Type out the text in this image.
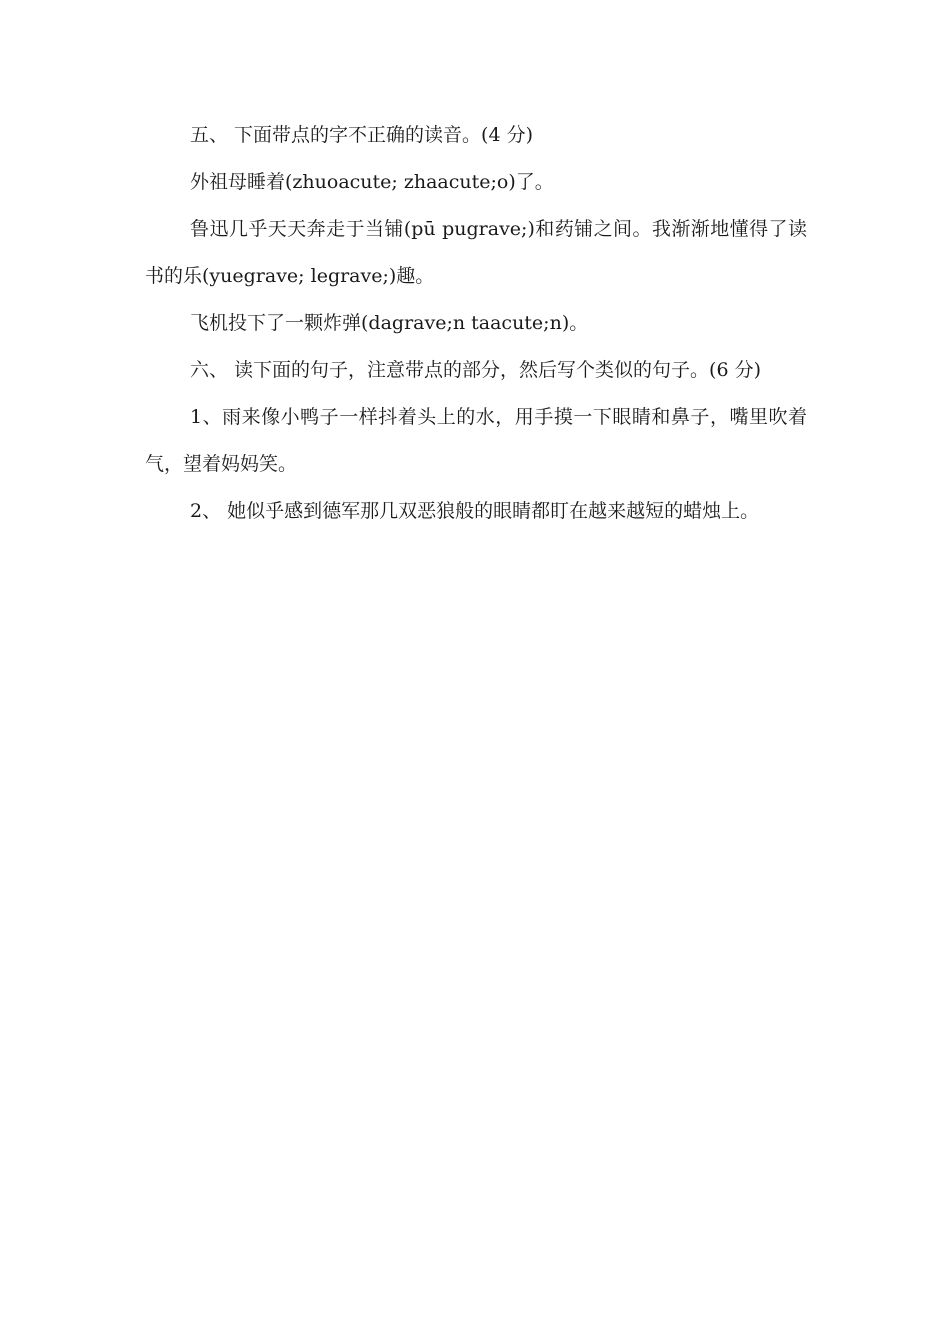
五、 下面带点的字不正确的读音。(4 分)

外祖母睡着(zhuoacute; zhaacute;o)了。

鲁迅几乎天天奔走于当铺(pū pugrave;)和药铺之间。我渐渐地懂得了读书的乐(yuegrave; legrave;)趣。

飞机投下了一颗炸弹(dagrave;n taacute;n)。

六、 读下面的句子，注意带点的部分，然后写个类似的句子。(6 分)

1、雨来像小鸭子一样抖着头上的水，用手摸一下眼睛和鼻子，嘴里吹着气，望着妈妈笑。

2、 她似乎感到德军那几双恶狼般的眼睛都盯在越来越短的蜡烛上。
